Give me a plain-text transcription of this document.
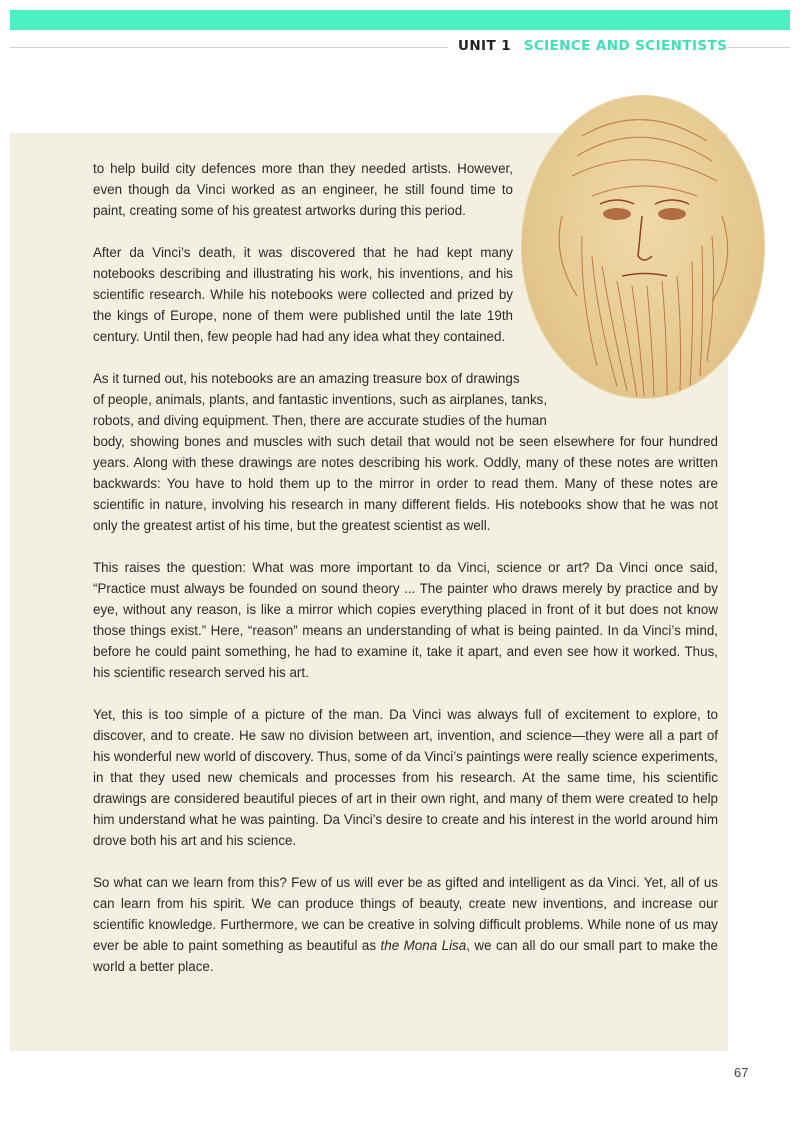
UNIT 1 SCIENCE AND SCIENTISTS

to help build city defences more than they needed artists. However, even though da Vinci worked as an engineer, he still found time to paint, creating some of his greatest artworks during this period.

After da Vinci’s death, it was discovered that he had kept many notebooks describing and illustrating his work, his inventions, and his scientific research. While his notebooks were collected and prized by the kings of Europe, none of them were published until the late 19th century. Until then, few people had had any idea what they contained.

As it turned out, his notebooks are an amazing treasure box of drawings
of people, animals, plants, and fantastic inventions, such as airplanes, tanks,
robots, and diving equipment. Then, there are accurate studies of the human
body, showing bones and muscles with such detail that would not be seen elsewhere for four hundred years. Along with these drawings are notes describing his work. Oddly, many of these notes are written backwards: You have to hold them up to the mirror in order to read them. Many of these notes are scientific in nature, involving his research in many different fields. His notebooks show that he was not only the greatest artist of his time, but the greatest scientist as well.

This raises the question: What was more important to da Vinci, science or art? Da Vinci once said, “Practice must always be founded on sound theory ... The painter who draws merely by practice and by eye, without any reason, is like a mirror which copies everything placed in front of it but does not know those things exist.” Here, “reason” means an understanding of what is being painted. In da Vinci’s mind, before he could paint something, he had to examine it, take it apart, and even see how it worked. Thus, his scientific research served his art.

Yet, this is too simple of a picture of the man. Da Vinci was always full of excitement to explore, to discover, and to create. He saw no division between art, invention, and science—they were all a part of his wonderful new world of discovery. Thus, some of da Vinci’s paintings were really science experiments, in that they used new chemicals and processes from his research. At the same time, his scientific drawings are considered beautiful pieces of art in their own right, and many of them were created to help him understand what he was painting. Da Vinci’s desire to create and his interest in the world around him drove both his art and his science.

So what can we learn from this? Few of us will ever be as gifted and intelligent as da Vinci. Yet, all of us can learn from his spirit. We can produce things of beauty, create new inventions, and increase our scientific knowledge. Furthermore, we can be creative in solving difficult problems. While none of us may ever be able to paint something as beautiful as the Mona Lisa, we can all do our small part to make the world a better place.

67
